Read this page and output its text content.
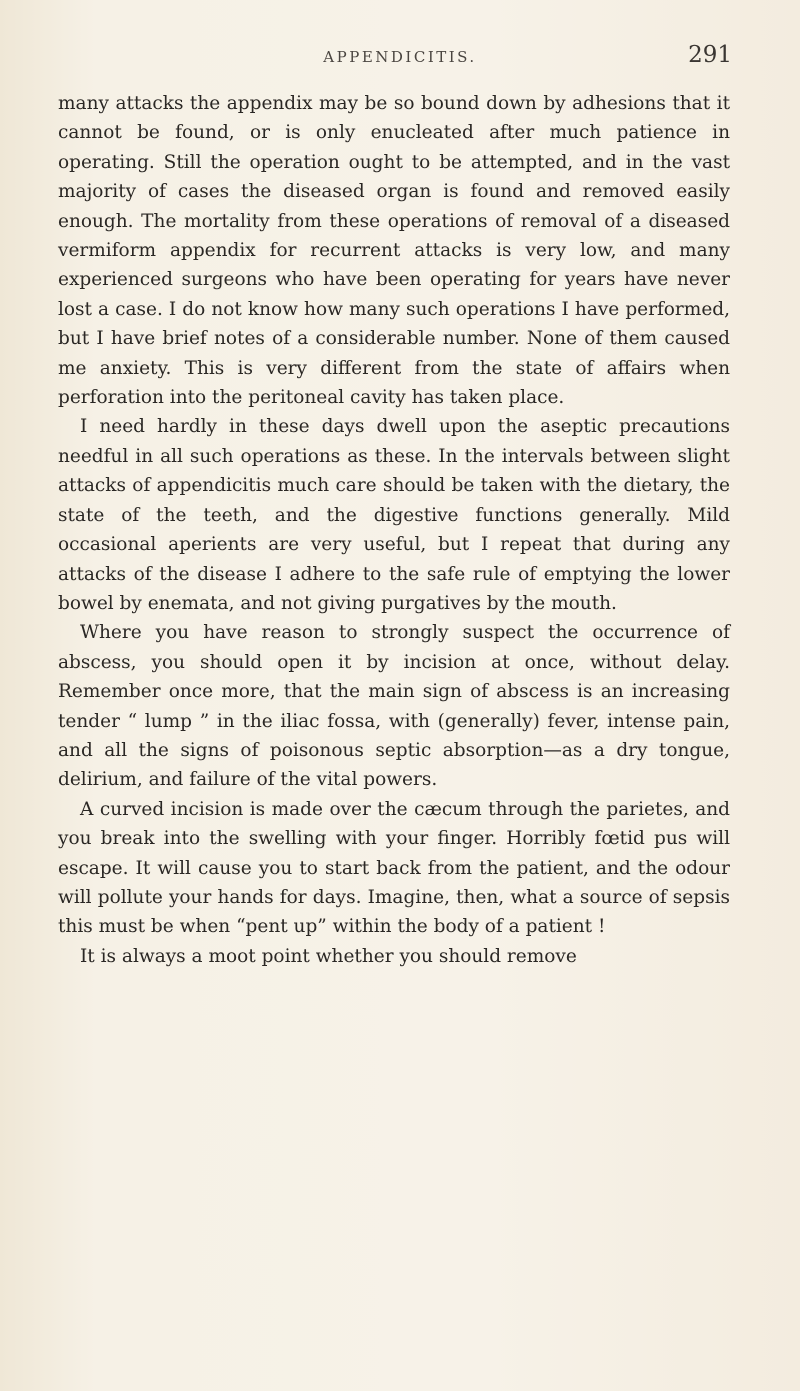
APPENDICITIS.	291

many attacks the appendix may be so bound down by adhesions that it cannot be found, or is only enucleated after much patience in operating. Still the operation ought to be attempted, and in the vast majority of cases the diseased organ is found and removed easily enough. The mortality from these operations of removal of a diseased vermiform appendix for recurrent attacks is very low, and many experienced surgeons who have been operating for years have never lost a case. I do not know how many such operations I have performed, but I have brief notes of a considerable number. None of them caused me anxiety. This is very different from the state of affairs when perforation into the peritoneal cavity has taken place.

I need hardly in these days dwell upon the aseptic precautions needful in all such operations as these. In the intervals between slight attacks of appendicitis much care should be taken with the dietary, the state of the teeth, and the digestive functions generally. Mild occasional aperients are very useful, but I repeat that during any attacks of the disease I adhere to the safe rule of emptying the lower bowel by enemata, and not giving purgatives by the mouth.

Where you have reason to strongly suspect the occurrence of abscess, you should open it by incision at once, without delay. Remember once more, that the main sign of abscess is an increasing tender “ lump ” in the iliac fossa, with (generally) fever, intense pain, and all the signs of poisonous septic absorption—as a dry tongue, delirium, and failure of the vital powers.

A curved incision is made over the cæcum through the parietes, and you break into the swelling with your finger. Horribly fœtid pus will escape. It will cause you to start back from the patient, and the odour will pollute your hands for days. Imagine, then, what a source of sepsis this must be when “pent up” within the body of a patient !

It is always a moot point whether you should remove
